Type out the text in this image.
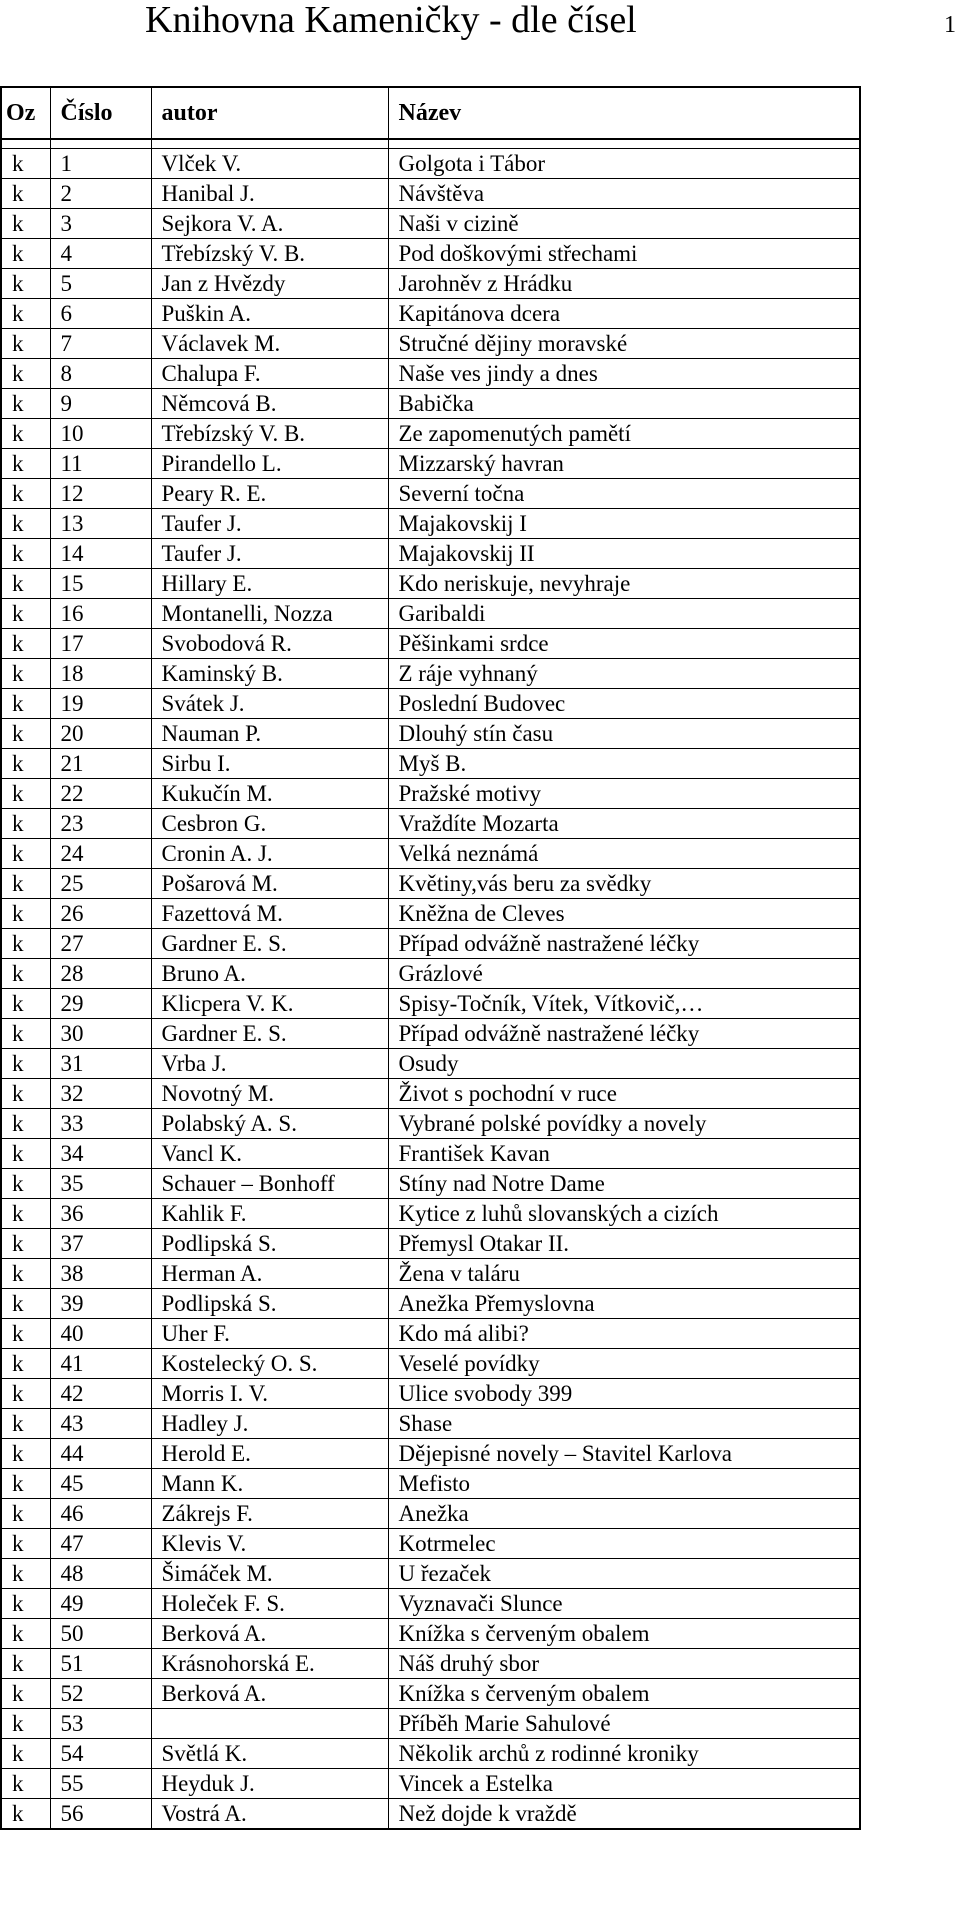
Knihovna Kameničky - dle čísel	1
Oz	Číslo	autor	Název

k	1	Vlček V.	Golgota i Tábor
k	2	Hanibal J.	Návštěva
k	3	Sejkora V. A.	Naši v cizině
k	4	Třebízský V. B.	Pod doškovými střechami
k	5	Jan z Hvězdy	Jarohněv z Hrádku
k	6	Puškin A.	Kapitánova dcera
k	7	Václavek M.	Stručné dějiny moravské
k	8	Chalupa F.	Naše ves jindy a dnes
k	9	Němcová B.	Babička
k	10	Třebízský V. B.	Ze zapomenutých pamětí
k	11	Pirandello L.	Mizzarský havran
k	12	Peary R. E.	Severní točna
k	13	Taufer J.	Majakovskij I
k	14	Taufer J.	Majakovskij II
k	15	Hillary E.	Kdo neriskuje, nevyhraje
k	16	Montanelli, Nozza	Garibaldi
k	17	Svobodová R.	Pěšinkami srdce
k	18	Kaminský B.	Z ráje vyhnaný
k	19	Svátek J.	Poslední Budovec
k	20	Nauman P.	Dlouhý stín času
k	21	Sirbu I.	Myš B.
k	22	Kukučín M.	Pražské motivy
k	23	Cesbron G.	Vraždíte Mozarta
k	24	Cronin A. J.	Velká neznámá
k	25	Pošarová M.	Květiny,vás beru za svědky
k	26	Fazettová M.	Kněžna de Cleves
k	27	Gardner E. S.	Případ odvážně nastražené léčky
k	28	Bruno A.	Grázlové
k	29	Klicpera V. K.	Spisy-Točník, Vítek, Vítkovič,…
k	30	Gardner E. S.	Případ odvážně nastražené léčky
k	31	Vrba J.	Osudy
k	32	Novotný M.	Život s pochodní v ruce
k	33	Polabský A. S.	Vybrané polské povídky a novely
k	34	Vancl K.	František Kavan
k	35	Schauer – Bonhoff	Stíny nad Notre Dame
k	36	Kahlik F.	Kytice z luhů slovanských a cizích
k	37	Podlipská S.	Přemysl Otakar II.
k	38	Herman A.	Žena v taláru
k	39	Podlipská S.	Anežka Přemyslovna
k	40	Uher F.	Kdo má alibi?
k	41	Kostelecký O. S.	Veselé povídky
k	42	Morris I. V.	Ulice svobody 399
k	43	Hadley J.	Shase
k	44	Herold E.	Dějepisné novely – Stavitel Karlova
k	45	Mann K.	Mefisto
k	46	Zákrejs F.	Anežka
k	47	Klevis V.	Kotrmelec
k	48	Šimáček M.	U řezaček
k	49	Holeček F. S.	Vyznavači Slunce
k	50	Berková A.	Knížka s červeným obalem
k	51	Krásnohorská E.	Náš druhý sbor
k	52	Berková A.	Knížka s červeným obalem
k	53		Příběh Marie Sahulové
k	54	Světlá K.	Několik archů z rodinné kroniky
k	55	Heyduk J.	Vincek a Estelka
k	56	Vostrá A.	Než dojde k vraždě
